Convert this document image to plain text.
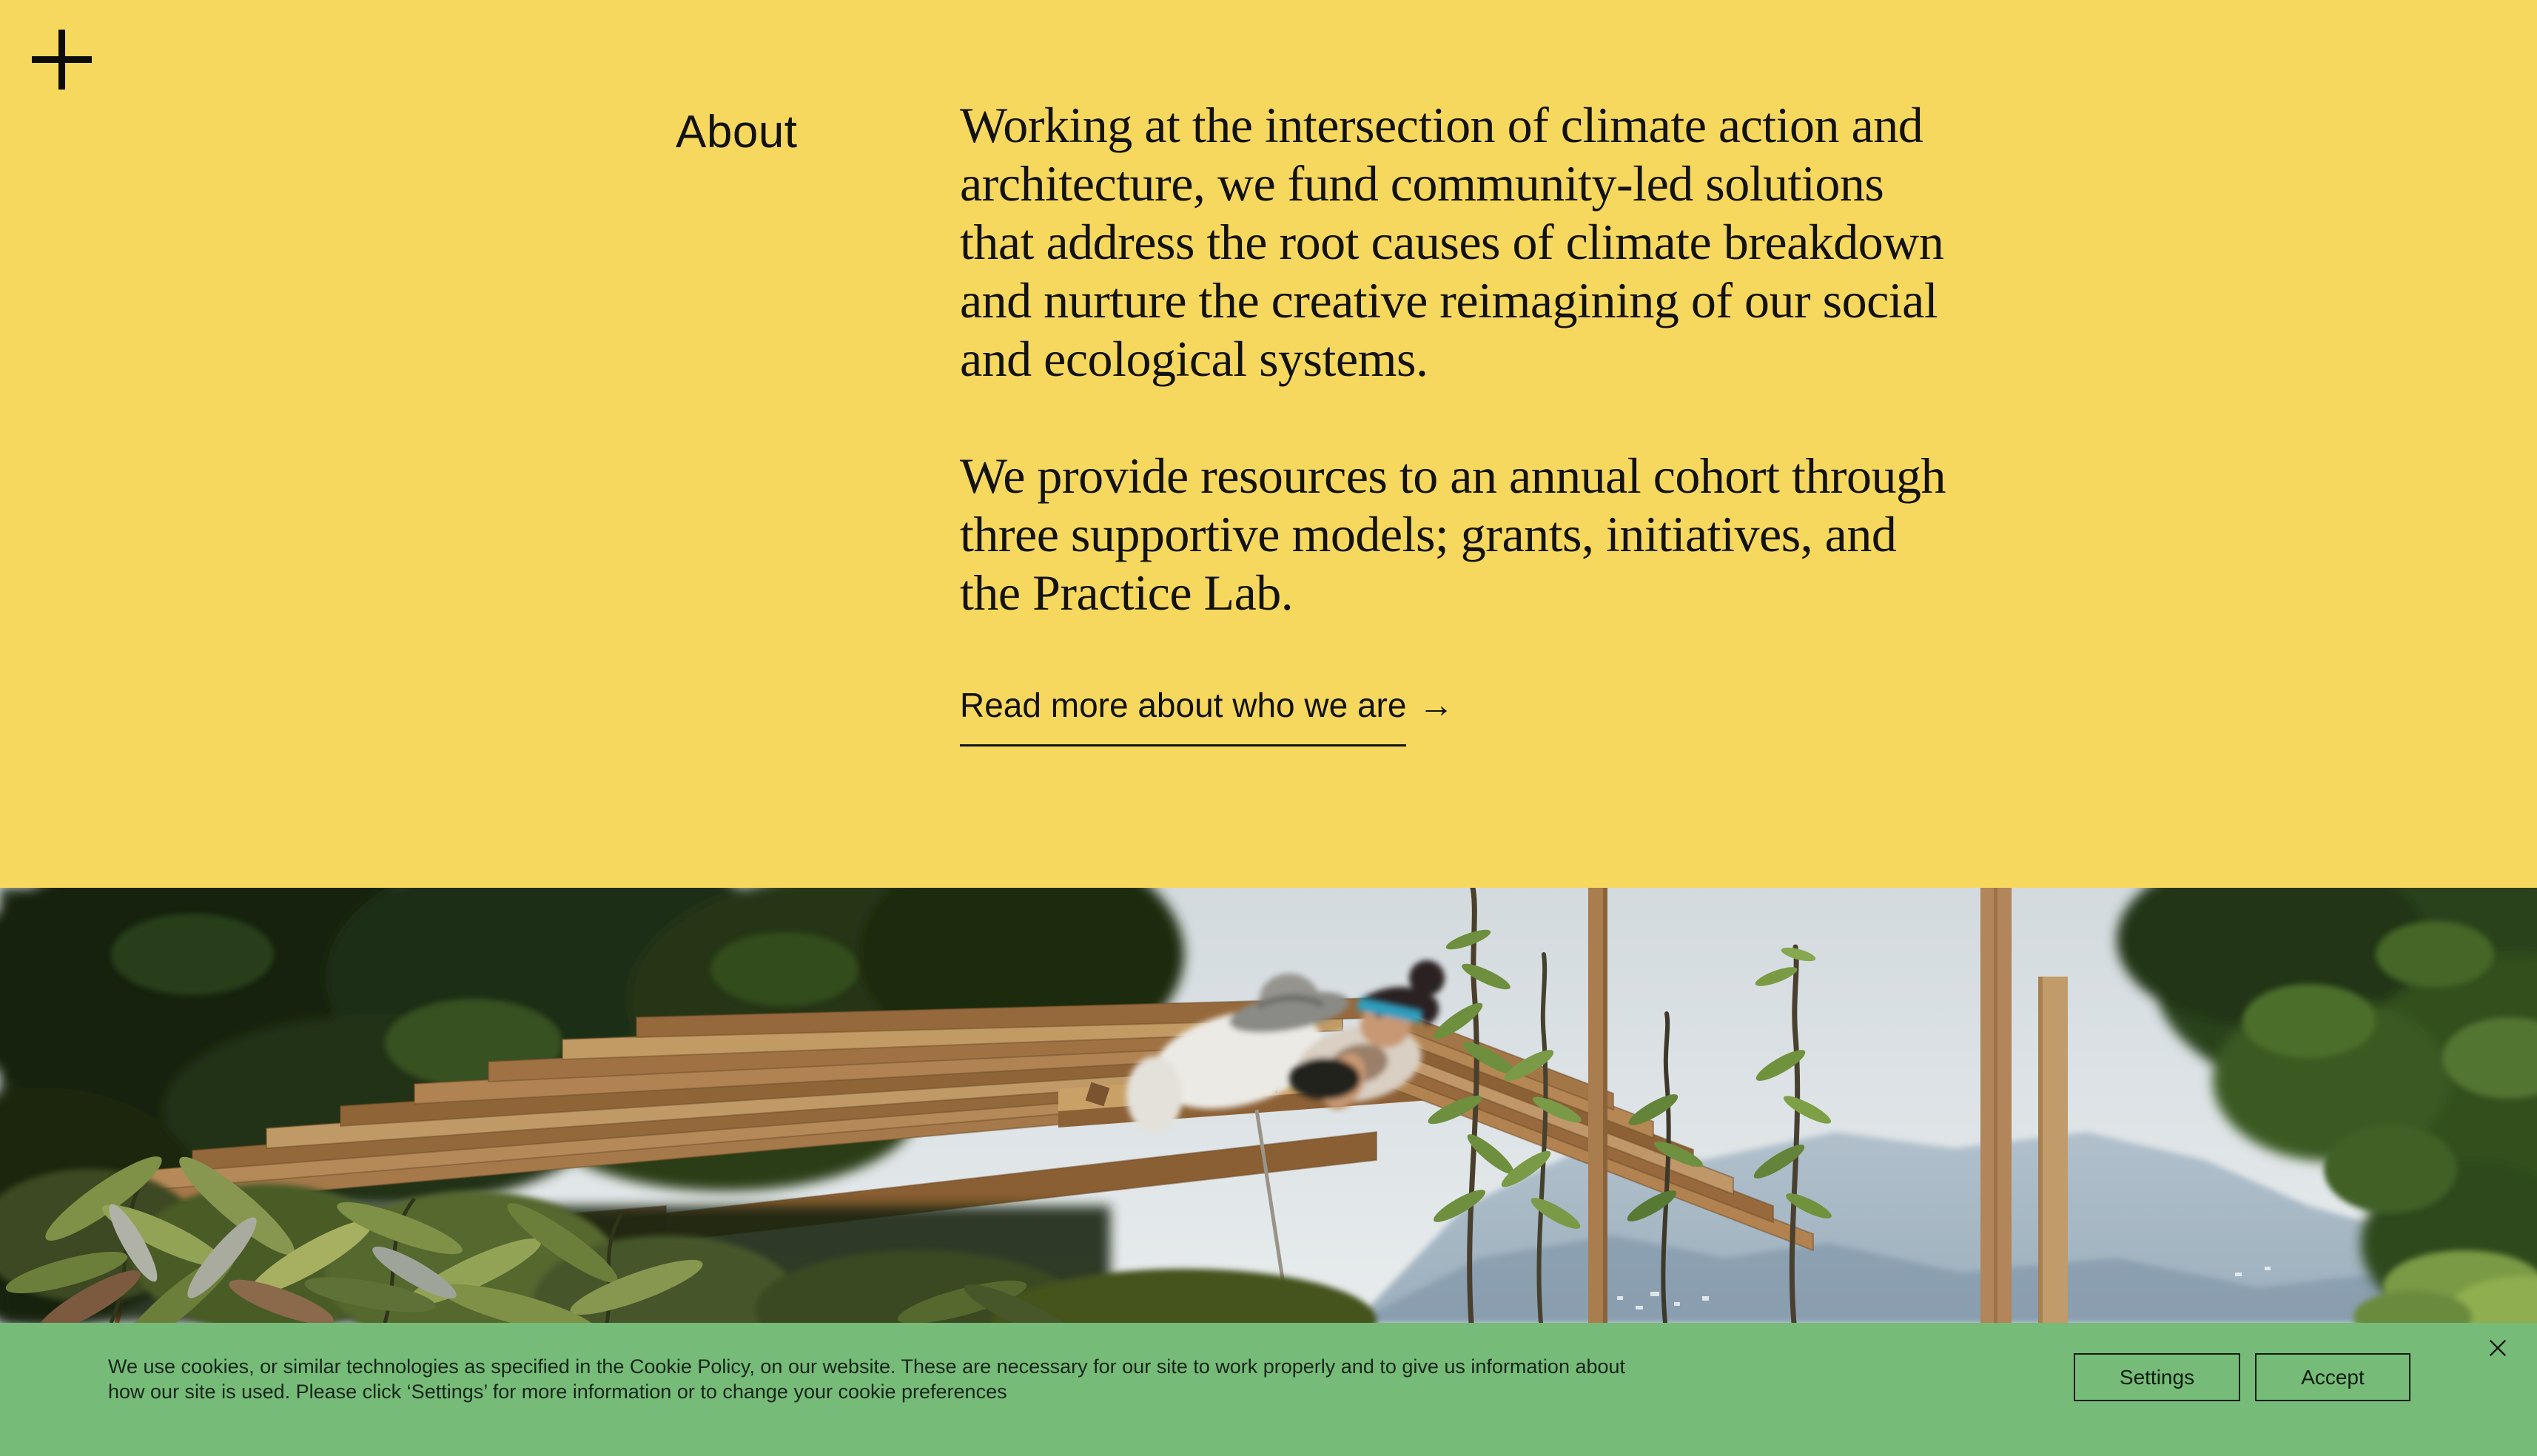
About	Working at the intersection of climate action and architecture, we fund community-led solutions that address the root causes of climate breakdown and nurture the creative reimagining of our social and ecological systems.

We provide resources to an annual cohort through three supportive models; grants, initiatives, and the Practice Lab.

Read more about who we are →
We use cookies, or similar technologies as specified in the Cookie Policy, on our website. These are necessary for our site to work properly and to give us information about
how our site is used. Please click ‘Settings’ for more information or to change your cookie preferences
Settings	Accept
